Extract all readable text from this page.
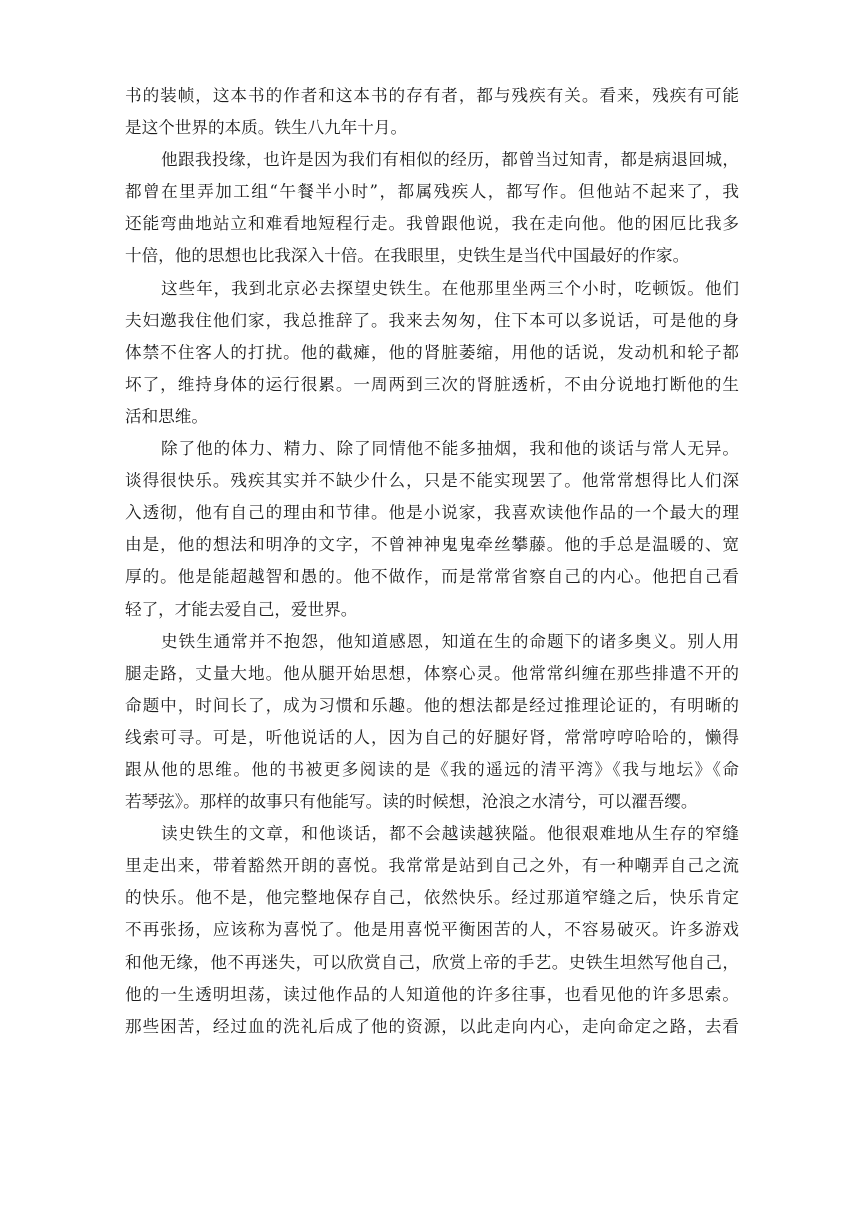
书的装帧，这本书的作者和这本书的存有者，都与残疾有关。看来，残疾有可能
是这个世界的本质。铁生八九年十月。
他跟我投缘，也许是因为我们有相似的经历，都曾当过知青，都是病退回城，
都曾在里弄加工组“午餐半小时”，都属残疾人，都写作。但他站不起来了，我
还能弯曲地站立和难看地短程行走。我曾跟他说，我在走向他。他的困厄比我多
十倍，他的思想也比我深入十倍。在我眼里，史铁生是当代中国最好的作家。
这些年，我到北京必去探望史铁生。在他那里坐两三个小时，吃顿饭。他们
夫妇邀我住他们家，我总推辞了。我来去匆匆，住下本可以多说话，可是他的身
体禁不住客人的打扰。他的截瘫，他的肾脏萎缩，用他的话说，发动机和轮子都
坏了，维持身体的运行很累。一周两到三次的肾脏透析，不由分说地打断他的生
活和思维。
除了他的体力、精力、除了同情他不能多抽烟，我和他的谈话与常人无异。
谈得很快乐。残疾其实并不缺少什么，只是不能实现罢了。他常常想得比人们深
入透彻，他有自己的理由和节律。他是小说家，我喜欢读他作品的一个最大的理
由是，他的想法和明净的文字，不曾神神鬼鬼牵丝攀藤。他的手总是温暖的、宽
厚的。他是能超越智和愚的。他不做作，而是常常省察自己的内心。他把自己看
轻了，才能去爱自己，爱世界。
史铁生通常并不抱怨，他知道感恩，知道在生的命题下的诸多奥义。别人用
腿走路，丈量大地。他从腿开始思想，体察心灵。他常常纠缠在那些排遣不开的
命题中，时间长了，成为习惯和乐趣。他的想法都是经过推理论证的，有明晰的
线索可寻。可是，听他说话的人，因为自己的好腿好肾，常常哼哼哈哈的，懒得
跟从他的思维。他的书被更多阅读的是《我的遥远的清平湾》《我与地坛》《命
若琴弦》。那样的故事只有他能写。读的时候想，沧浪之水清兮，可以濯吾缨。
读史铁生的文章，和他谈话，都不会越读越狭隘。他很艰难地从生存的窄缝
里走出来，带着豁然开朗的喜悦。我常常是站到自己之外，有一种嘲弄自己之流
的快乐。他不是，他完整地保存自己，依然快乐。经过那道窄缝之后，快乐肯定
不再张扬，应该称为喜悦了。他是用喜悦平衡困苦的人，不容易破灭。许多游戏
和他无缘，他不再迷失，可以欣赏自己，欣赏上帝的手艺。史铁生坦然写他自己，
他的一生透明坦荡，读过他作品的人知道他的许多往事，也看见他的许多思索。
那些困苦，经过血的洗礼后成了他的资源，以此走向内心，走向命定之路，去看
